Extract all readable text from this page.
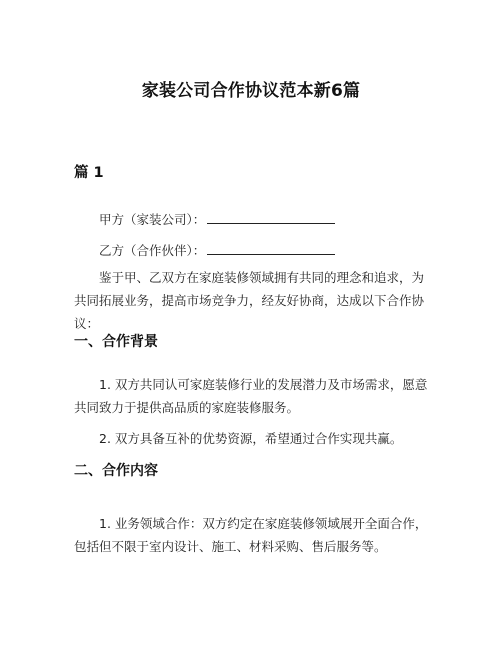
家装公司合作协议范本新6篇
篇 1
甲方（家装公司）：
乙方（合作伙伴）：
鉴于甲、乙双方在家庭装修领域拥有共同的理念和追求，为共同拓展业务，提高市场竞争力，经友好协商，达成以下合作协议：
一、合作背景
1. 双方共同认可家庭装修行业的发展潜力及市场需求，愿意共同致力于提供高品质的家庭装修服务。
2. 双方具备互补的优势资源，希望通过合作实现共赢。
二、合作内容
1. 业务领域合作：双方约定在家庭装修领域展开全面合作，包括但不限于室内设计、施工、材料采购、售后服务等。
